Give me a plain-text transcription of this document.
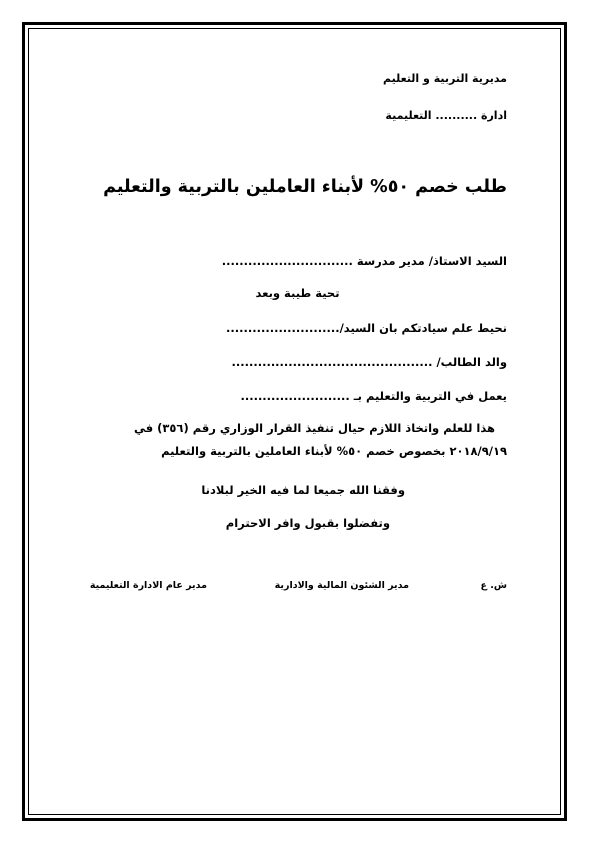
مديرية التربية و التعليم
ادارة .......... التعليمية
طلب خصم ٥٠% لأبناء العاملين بالتربية والتعليم
السيد الاستاذ/ مدير مدرسة ..............................
تحية طيبة وبعد
نحيط علم سيادتكم بان السيد/..........................
والد الطالب/ ..............................................
يعمل في التربية والتعليم بـ .........................
هذا للعلم واتخاذ اللازم حيال تنفيذ القرار الوزاري رقم (٣٥٦) في
٢٠١٨/٩/١٩ بخصوص خصم ٥٠% لأبناء العاملين بالتربية والتعليم
وفقنا الله جميعا لما فيه الخير لبلادنا
وتفضلوا بقبول وافر الاحترام
ش. ع
مدير الشئون المالية والادارية
مدير عام الادارة التعليمية
